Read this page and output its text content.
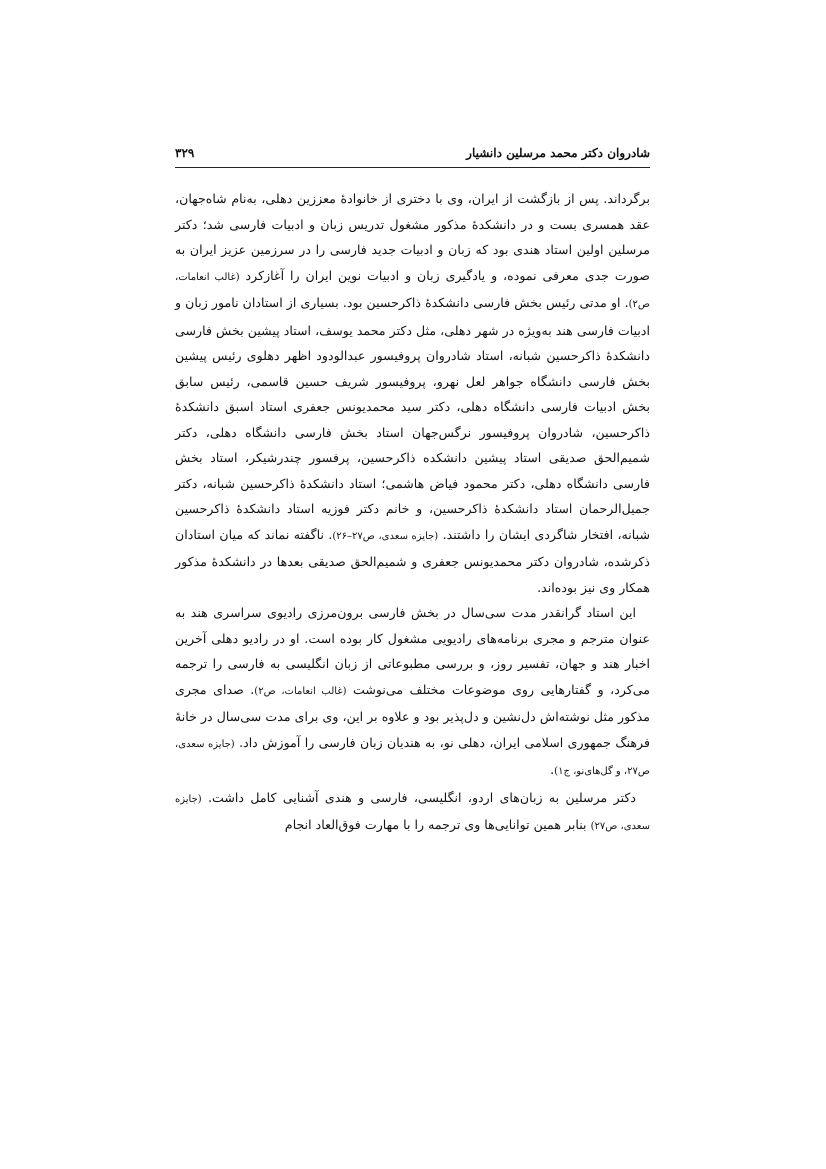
شادروان دکتر محمد مرسلین دانشیار
۳۲۹

برگرداند. پس از بازگشت از ایران، وی با دختری از خانوادهٔ معززین دهلی، به‌نام شاه‌جهان، عقد همسری بست و در دانشکدهٔ مذکور مشغول تدریس زبان و ادبیات فارسی شد؛ دکتر مرسلین اولین استاد هندی بود که زبان و ادبیات جدید فارسی را در سرزمین عزیز ایران به صورت جدی معرفی نموده، و یادگیری زبان و ادبیات نوین ایران را آغازکرد (غالب انعامات، ص۲). او مدتی رئیس بخش فارسی دانشکدهٔ ذاکرحسین بود. بسیاری از استادان نامور زبان و ادبیات فارسی هند به‌ویژه در شهر دهلی، مثل دکتر محمد یوسف، استاد پیشین بخش فارسی دانشکدهٔ ذاکرحسین شبانه، استاد شادروان پروفیسور عبدالودود اظهر دهلوی رئیس پیشین بخش فارسی دانشگاه جواهر لعل نهرو، پروفیسور شریف حسین قاسمی، رئیس سابق بخش ادبیات فارسی دانشگاه دهلی، دکتر سید محمدیونس جعفری استاد اسبق دانشکدهٔ ذاکرحسین، شادروان پروفیسور نرگس‌جهان استاد بخش فارسی دانشگاه دهلی، دکتر شمیم‌الحق صدیقی استاد پیشین دانشکده ذاکرحسین، پرفسور چندرشیکر، استاد بخش فارسی دانشگاه دهلی، دکتر محمود فیاض هاشمی؛ استاد دانشکدهٔ ذاکرحسین شبانه، دکتر جمیل‌الرحمان استاد دانشکدهٔ ذاکرحسین، و خانم دکتر فوزیه استاد دانشکدهٔ ذاکرحسین شبانه، افتخار شاگردی ایشان را داشتند. (جایزه سعدی، ص۲۷–۲۶). ناگفته نماند که میان استادان ذکرشده، شادروان دکتر محمدیونس جعفری و شمیم‌الحق صدیقی بعدها در دانشکدهٔ مذکور همکار وی نیز بوده‌اند.

این استاد گرانقدر مدت سی‌سال در بخش فارسی برون‌مرزی رادیوی سراسری هند به عنوان مترجم و مجری برنامه‌های رادیویی مشغول کار بوده است. او در رادیو دهلی آخرین اخبار هند و جهان، تفسیر روز، و بررسی مطبوعاتی از زبان انگلیسی به فارسی را ترجمه می‌کرد، و گفتارهایی روی موضوعات مختلف می‌نوشت (غالب انعامات، ص۲). صدای مجری مذکور مثل نوشته‌اش دل‌نشین و دل‌پذیر بود و علاوه بر این، وی برای مدت سی‌سال در خانهٔ فرهنگ جمهوری اسلامی ایران، دهلی نو، به هندیان زبان فارسی را آموزش داد. (جایزه سعدی، ص۲۷، و گل‌های‌نو، ج۱).

دکتر مرسلین به زبان‌های اردو، انگلیسی، فارسی و هندی آشنایی کامل داشت. (جایزه سعدی، ص۲۷) بنابر همین توانایی‌ها وی ترجمه را با مهارت فوق‌العاد انجام
